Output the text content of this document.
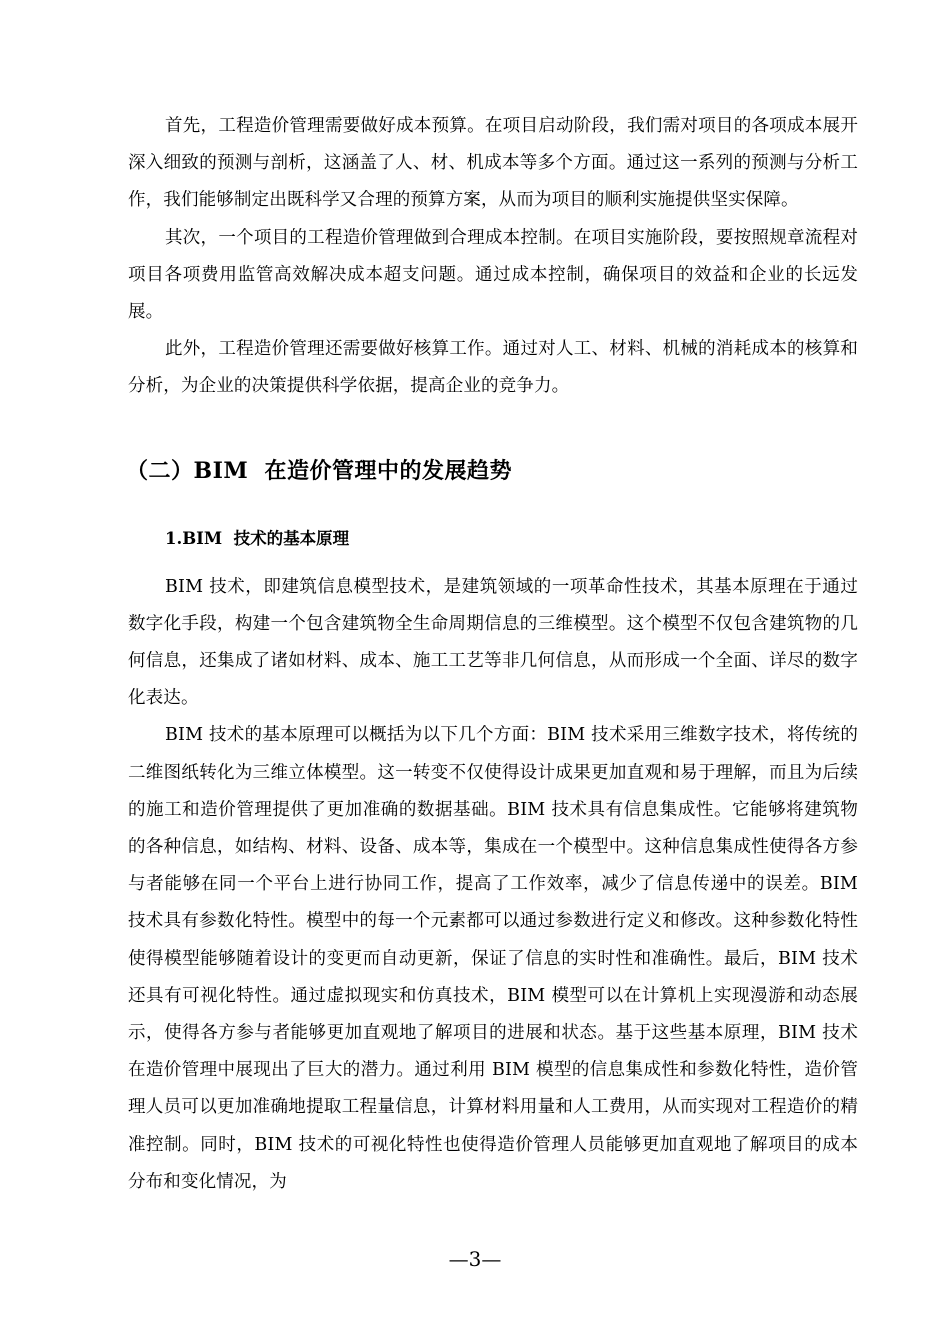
首先，工程造价管理需要做好成本预算。在项目启动阶段，我们需对项目的各项成本展开深入细致的预测与剖析，这涵盖了人、材、机成本等多个方面。通过这一系列的预测与分析工作，我们能够制定出既科学又合理的预算方案，从而为项目的顺利实施提供坚实保障。

其次，一个项目的工程造价管理做到合理成本控制。在项目实施阶段，要按照规章流程对项目各项费用监管高效解决成本超支问题。通过成本控制，确保项目的效益和企业的长远发展。

此外，工程造价管理还需要做好核算工作。通过对人工、材料、机械的消耗成本的核算和分析，为企业的决策提供科学依据，提高企业的竞争力。

（二）BIM  在造价管理中的发展趋势
1.BIM  技术的基本原理

BIM 技术，即建筑信息模型技术，是建筑领域的一项革命性技术，其基本原理在于通过数字化手段，构建一个包含建筑物全生命周期信息的三维模型。这个模型不仅包含建筑物的几何信息，还集成了诸如材料、成本、施工工艺等非几何信息，从而形成一个全面、详尽的数字化表达。

BIM 技术的基本原理可以概括为以下几个方面：BIM 技术采用三维数字技术，将传统的二维图纸转化为三维立体模型。这一转变不仅使得设计成果更加直观和易于理解，而且为后续的施工和造价管理提供了更加准确的数据基础。BIM 技术具有信息集成性。它能够将建筑物的各种信息，如结构、材料、设备、成本等，集成在一个模型中。这种信息集成性使得各方参与者能够在同一个平台上进行协同工作，提高了工作效率，减少了信息传递中的误差。BIM 技术具有参数化特性。模型中的每一个元素都可以通过参数进行定义和修改。这种参数化特性使得模型能够随着设计的变更而自动更新，保证了信息的实时性和准确性。最后，BIM 技术还具有可视化特性。通过虚拟现实和仿真技术，BIM 模型可以在计算机上实现漫游和动态展示，使得各方参与者能够更加直观地了解项目的进展和状态。基于这些基本原理，BIM 技术在造价管理中展现出了巨大的潜力。通过利用 BIM 模型的信息集成性和参数化特性，造价管理人员可以更加准确地提取工程量信息，计算材料用量和人工费用，从而实现对工程造价的精准控制。同时，BIM 技术的可视化特性也使得造价管理人员能够更加直观地了解项目的成本分布和变化情况，为

—3—
